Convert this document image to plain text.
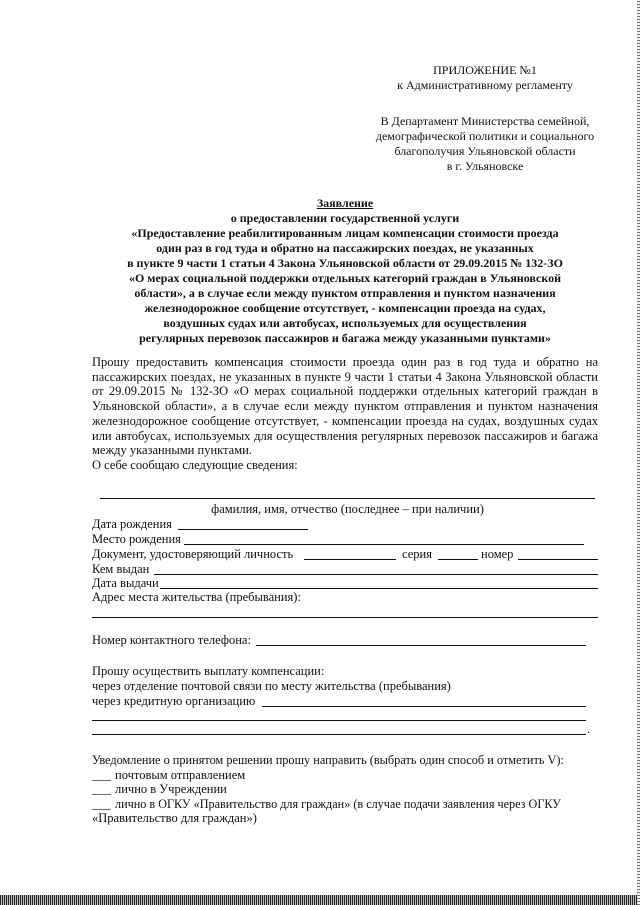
ПРИЛОЖЕНИЕ №1
к Административному регламенту
В Департамент Министерства семейной,
демографической политики и социального
благополучия Ульяновской области
в г. Ульяновске
Заявление
о предоставлении государственной услуги
«Предоставление реабилитированным лицам компенсации стоимости проезда
один раз в год туда и обратно на пассажирских поездах, не указанных
в пункте 9 части 1 статьи 4 Закона Ульяновской области от 29.09.2015 № 132-ЗО
«О мерах социальной поддержки отдельных категорий граждан в Ульяновской
области», а в случае если между пунктом отправления и пунктом назначения
железнодорожное сообщение отсутствует, - компенсации проезда на судах,
воздушных судах или автобусах, используемых для осуществления
регулярных перевозок пассажиров и багажа между указанными пунктами»

Прошу предоставить компенсация стоимости проезда один раз в год туда и обратно на пассажирских поездах, не указанных в пункте 9 части 1 статьи 4 Закона Ульяновской области от 29.09.2015 № 132-ЗО «О мерах социальной поддержки отдельных категорий граждан в Ульяновской области», а в случае если между пунктом отправления и пунктом назначения железнодорожное сообщение отсутствует, - компенсации проезда на судах, воздушных судах или автобусах, используемых для осуществления регулярных перевозок пассажиров и багажа между указанными пунктами.

О себе сообщаю следующие сведения:

фамилия, имя, отчество (последнее – при наличии)
Дата рождения
Место рождения
Документ, удостоверяющий личность	серия	номер
Кем выдан
Дата выдачи
Адрес места жительства (пребывания):
Номер контактного телефона:
Прошу осуществить выплату компенсации:
через отделение почтовой связи по месту жительства (пребывания)
через кредитную организацию
.
Уведомление о принятом решении прошу направить (выбрать один способ и отметить V):
___ почтовым отправлением
___ лично в Учреждении
___ лично в ОГКУ «Правительство для граждан» (в случае подачи заявления через ОГКУ
«Правительство для граждан»)
